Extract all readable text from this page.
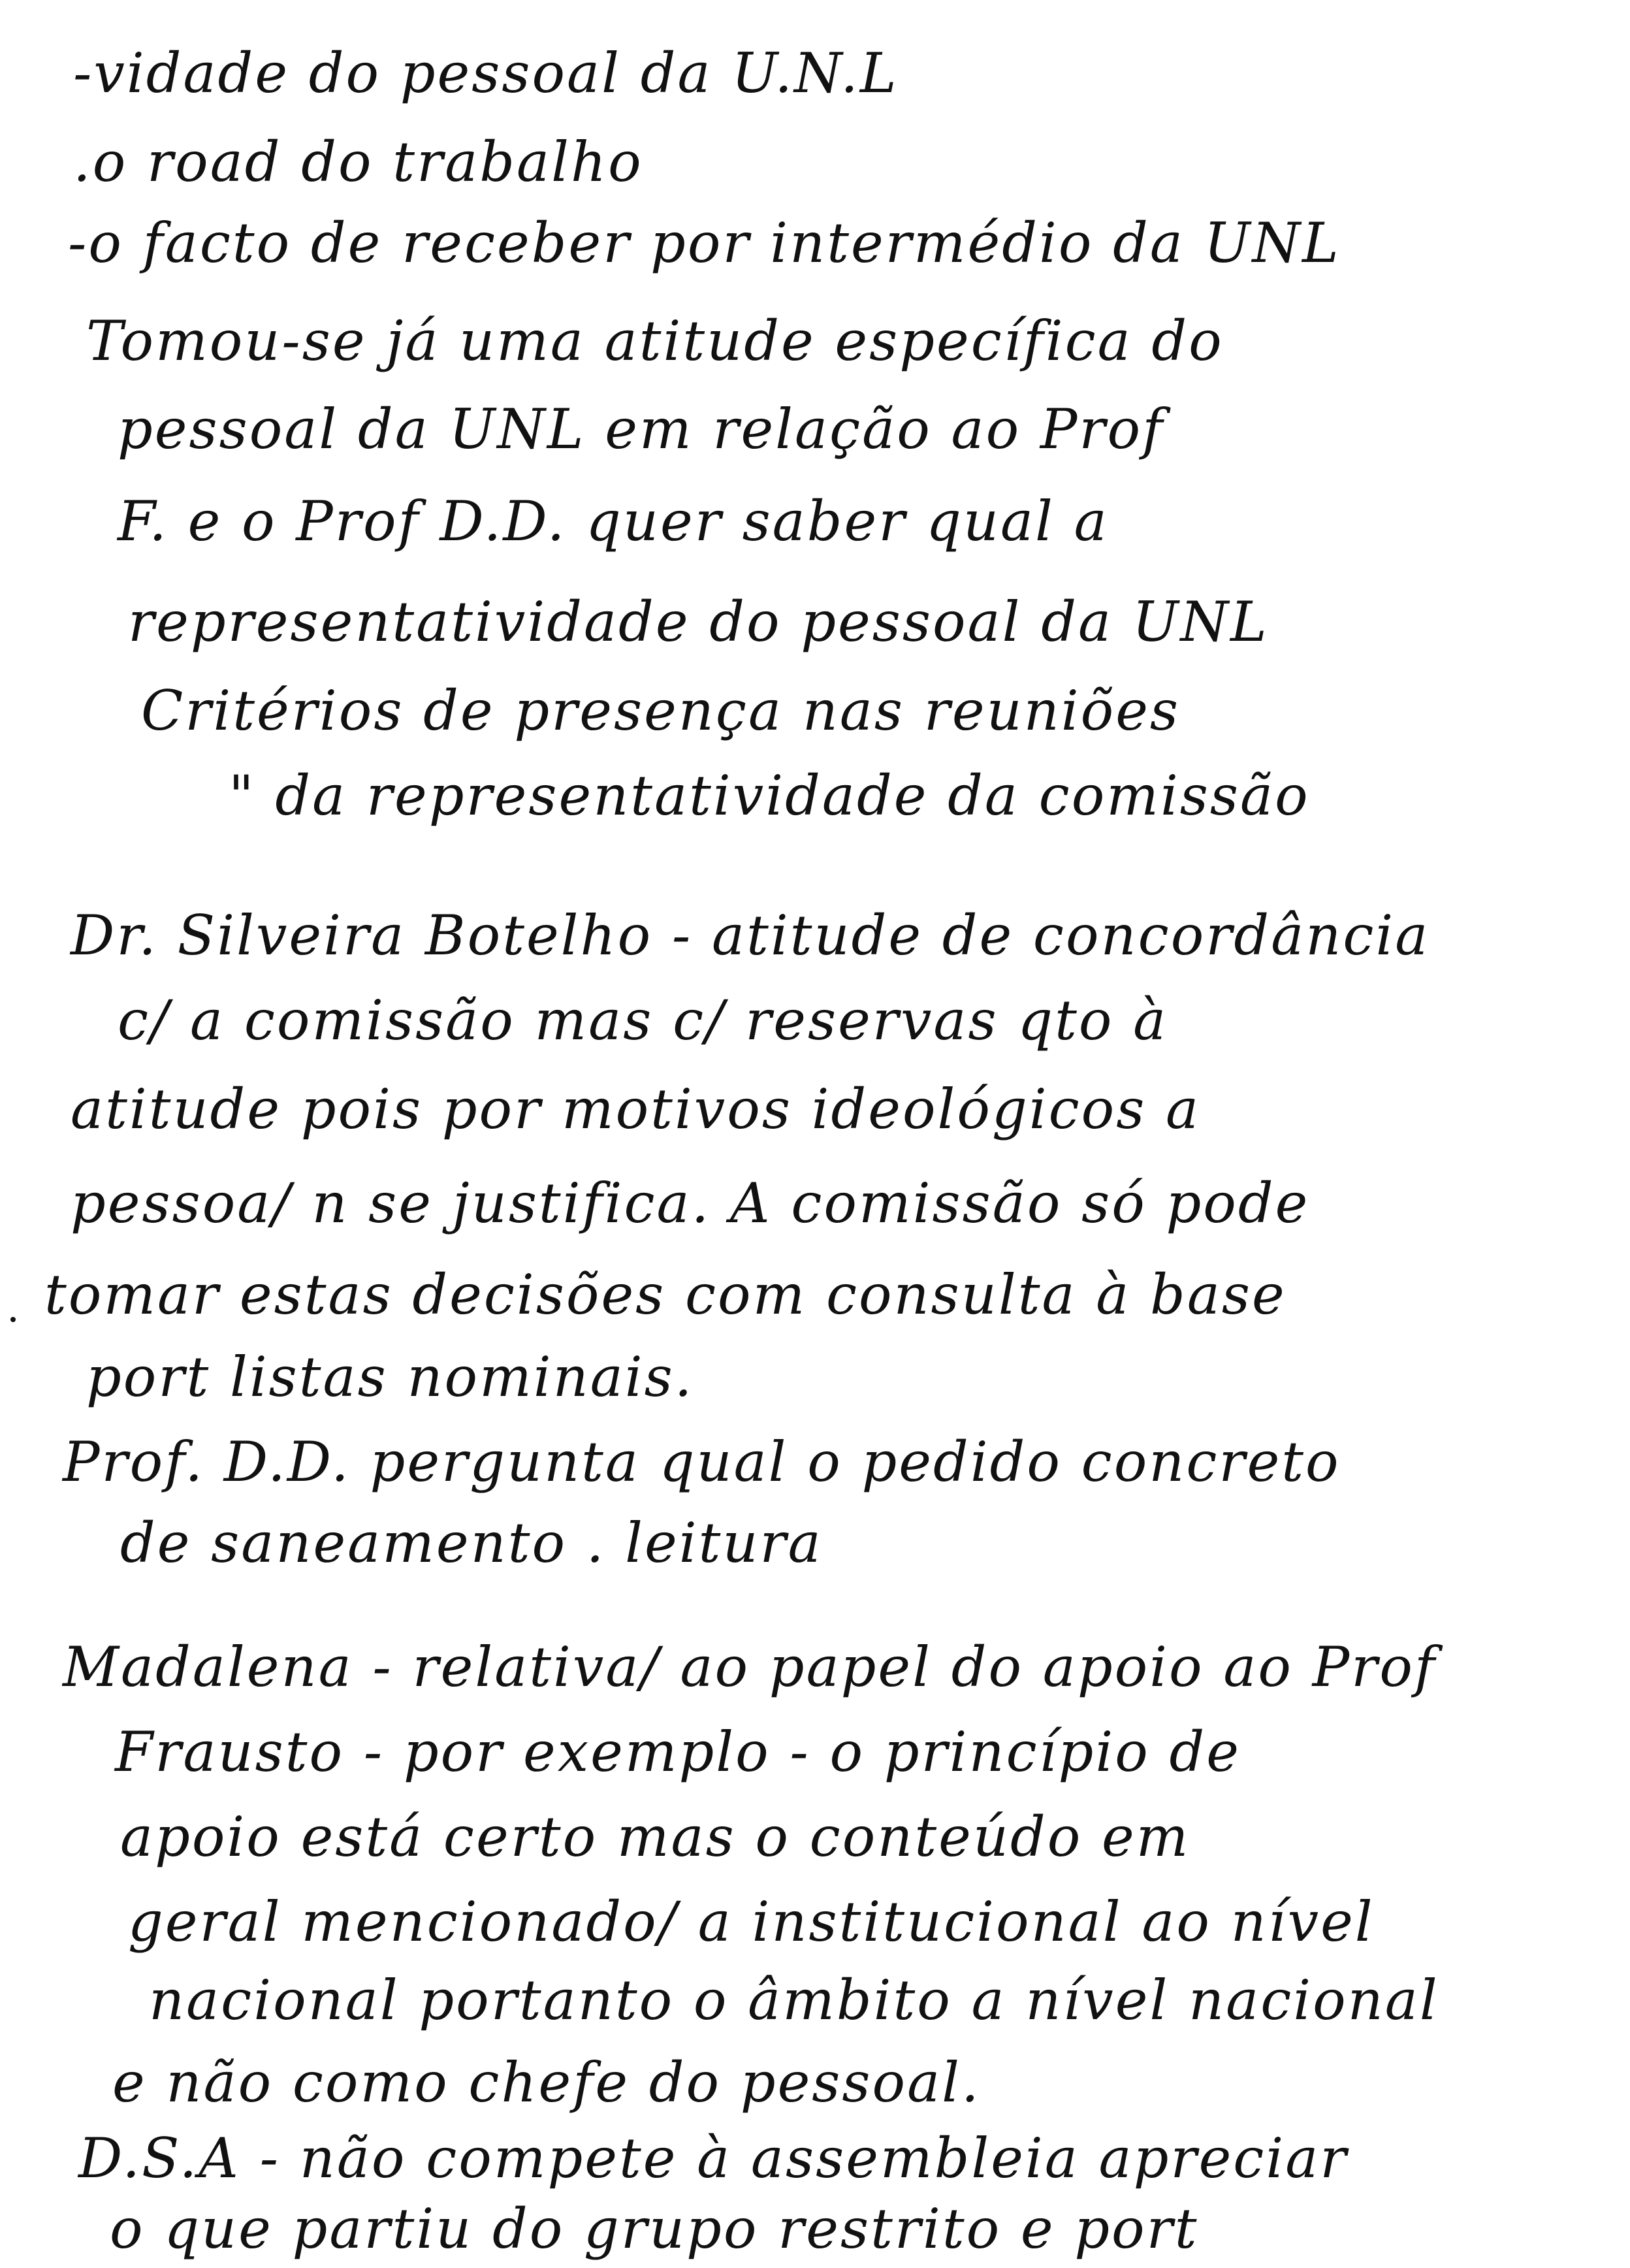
-vidade do pessoal da U.N.L
.o road do trabalho
-o facto de receber por intermédio da UNL
Tomou-se já uma atitude específica do
pessoal da UNL em relação ao Prof
F. e o Prof D.D. quer saber qual a
representatividade do pessoal da UNL
Critérios de presença nas reuniões
" da representatividade da comissão
Dr. Silveira Botelho - atitude de concordância
c/ a comissão mas c/ reservas qto à
atitude pois por motivos ideológicos a
pessoa/ n se justifica. A comissão só pode
tomar estas decisões com consulta à base
port listas nominais.
Prof. D.D. pergunta qual o pedido concreto
de saneamento . leitura
Madalena - relativa/ ao papel do apoio ao Prof
Frausto - por exemplo - o princípio de
apoio está certo mas o conteúdo em
geral mencionado/ a institucional ao nível
nacional portanto o âmbito a nível nacional
e não como chefe do pessoal.
D.S.A - não compete à assembleia apreciar
o que partiu do grupo restrito e port
